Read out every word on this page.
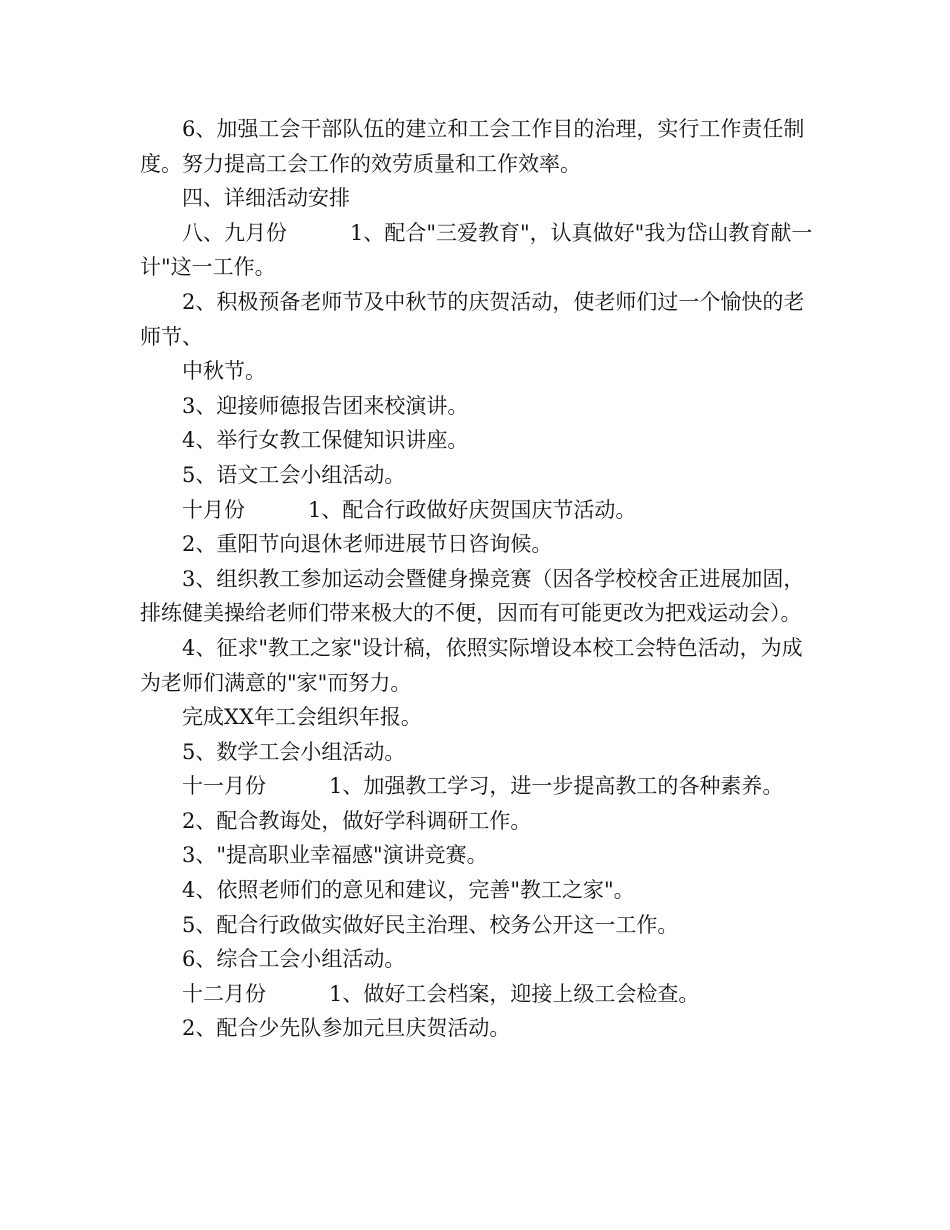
6、加强工会干部队伍的建立和工会工作目的治理，实行工作责任制度。努力提高工会工作的效劳质量和工作效率。

四、详细活动安排

八、九月份　　　1、配合"三爱教育"，认真做好"我为岱山教育献一计"这一工作。

2、积极预备老师节及中秋节的庆贺活动，使老师们过一个愉快的老师节、

中秋节。

3、迎接师德报告团来校演讲。

4、举行女教工保健知识讲座。

5、语文工会小组活动。

十月份　　　1、配合行政做好庆贺国庆节活动。

2、重阳节向退休老师进展节日咨询候。

3、组织教工参加运动会暨健身操竞赛（因各学校校舍正进展加固，排练健美操给老师们带来极大的不便，因而有可能更改为把戏运动会）。

4、征求"教工之家"设计稿，依照实际增设本校工会特色活动，为成为老师们满意的"家"而努力。

完成XX年工会组织年报。

5、数学工会小组活动。

十一月份　　　1、加强教工学习，进一步提高教工的各种素养。

2、配合教诲处，做好学科调研工作。

3、"提高职业幸福感"演讲竞赛。

4、依照老师们的意见和建议，完善"教工之家"。

5、配合行政做实做好民主治理、校务公开这一工作。

6、综合工会小组活动。

十二月份　　　1、做好工会档案，迎接上级工会检查。

2、配合少先队参加元旦庆贺活动。
